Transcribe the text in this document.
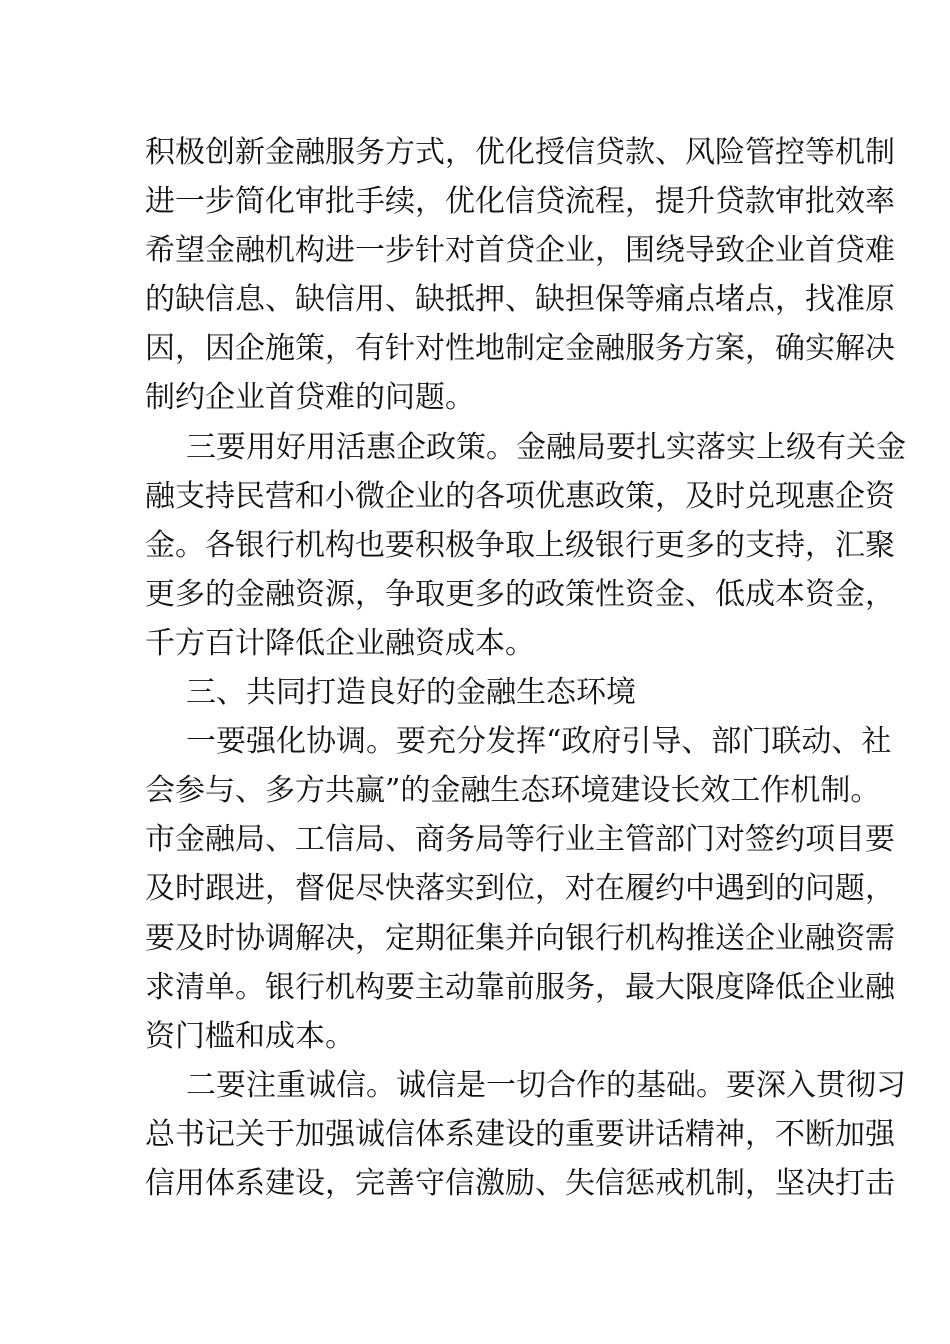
积极创新金融服务方式，优化授信贷款、风险管控等机制
进一步简化审批手续，优化信贷流程，提升贷款审批效率
希望金融机构进一步针对首贷企业，围绕导致企业首贷难
的缺信息、缺信用、缺抵押、缺担保等痛点堵点，找准原
因，因企施策，有针对性地制定金融服务方案，确实解决
制约企业首贷难的问题。
三要用好用活惠企政策。金融局要扎实落实上级有关金
融支持民营和小微企业的各项优惠政策，及时兑现惠企资
金。各银行机构也要积极争取上级银行更多的支持，汇聚
更多的金融资源，争取更多的政策性资金、低成本资金，
千方百计降低企业融资成本。
三、共同打造良好的金融生态环境
一要强化协调。要充分发挥“政府引导、部门联动、社
会参与、多方共赢”的金融生态环境建设长效工作机制。
市金融局、工信局、商务局等行业主管部门对签约项目要
及时跟进，督促尽快落实到位，对在履约中遇到的问题，
要及时协调解决，定期征集并向银行机构推送企业融资需
求清单。银行机构要主动靠前服务，最大限度降低企业融
资门槛和成本。
二要注重诚信。诚信是一切合作的基础。要深入贯彻习
总书记关于加强诚信体系建设的重要讲话精神，不断加强
信用体系建设，完善守信激励、失信惩戒机制，坚决打击
